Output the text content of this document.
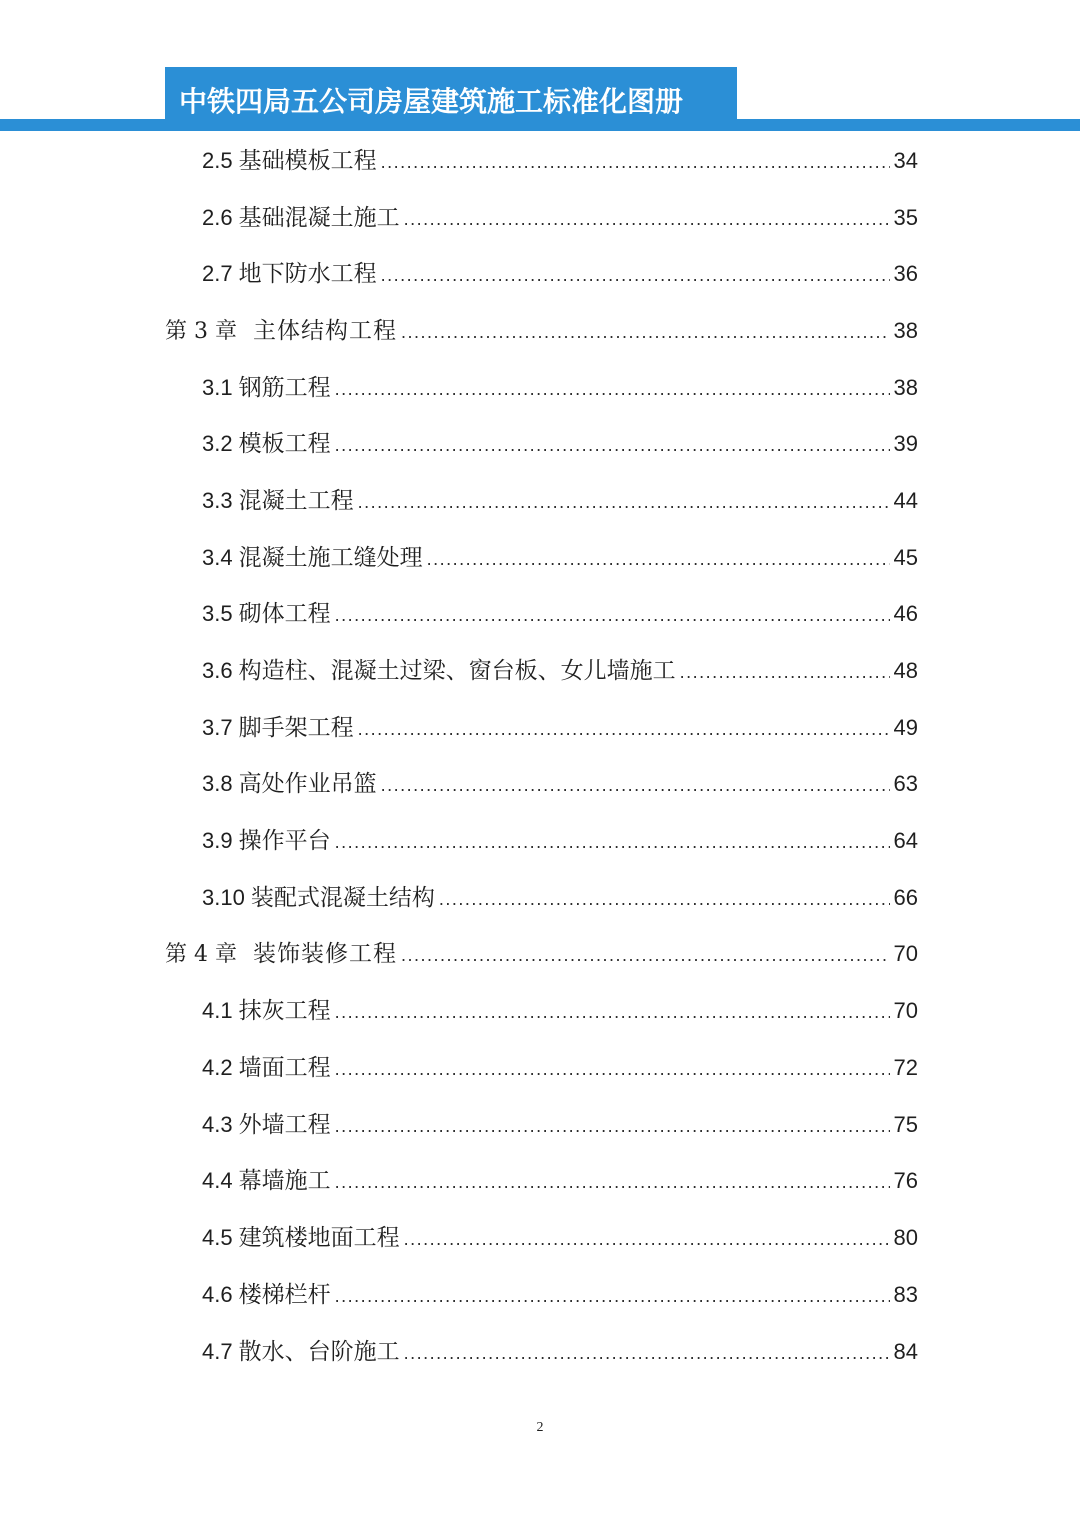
中铁四局五公司房屋建筑施工标准化图册
2.5 基础模板工程 .....	34
2.6 基础混凝土施工 .....	35
2.7 地下防水工程 .....	36
第 3 章 主体结构工程 .....	38
3.1 钢筋工程 .....	38
3.2 模板工程 .....	39
3.3 混凝土工程 .....	44
3.4 混凝土施工缝处理 .....	45
3.5 砌体工程 .....	46
3.6 构造柱、混凝土过梁、窗台板、女儿墙施工 .....	48
3.7 脚手架工程 .....	49
3.8 高处作业吊篮 .....	63
3.9 操作平台 .....	64
3.10 装配式混凝土结构 .....	66
第 4 章 装饰装修工程 .....	70
4.1 抹灰工程 .....	70
4.2 墙面工程 .....	72
4.3 外墙工程 .....	75
4.4 幕墙施工 .....	76
4.5 建筑楼地面工程 .....	80
4.6 楼梯栏杆 .....	83
4.7 散水、台阶施工 .....	84
2
